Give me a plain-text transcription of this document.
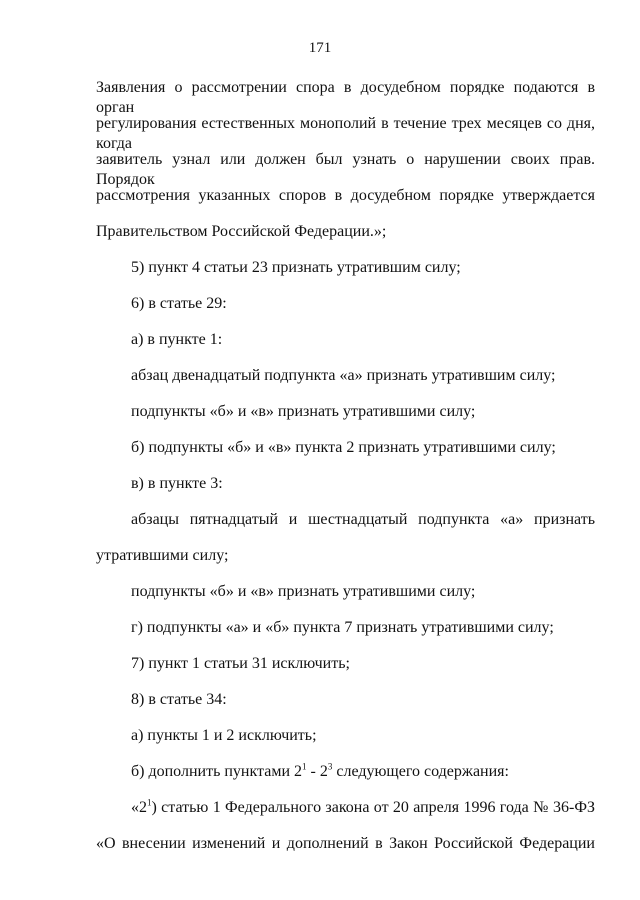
171
Заявления о рассмотрении спора в досудебном порядке подаются в орган
регулирования естественных монополий в течение трех месяцев со дня, когда
заявитель узнал или должен был узнать о нарушении своих прав. Порядок
рассмотрения указанных споров в досудебном порядке утверждается
Правительством Российской Федерации.»;
5) пункт 4 статьи 23 признать утратившим силу;
6) в статье 29:
а) в пункте 1:
абзац двенадцатый подпункта «а» признать утратившим силу;
подпункты «б» и «в» признать утратившими силу;
б) подпункты «б» и «в» пункта 2 признать утратившими силу;
в) в пункте 3:
абзацы пятнадцатый и шестнадцатый подпункта «а» признать
утратившими силу;
подпункты «б» и «в» признать утратившими силу;
г) подпункты «а» и «б» пункта 7 признать утратившими силу;
7) пункт 1 статьи 31 исключить;
8) в статье 34:
а) пункты 1 и 2 исключить;
б) дополнить пунктами $2^1 - 2^3$ следующего содержания:
«$2^1$) статью 1 Федерального закона от 20 апреля 1996 года № 36-ФЗ
«О внесении изменений и дополнений в Закон Российской Федерации
